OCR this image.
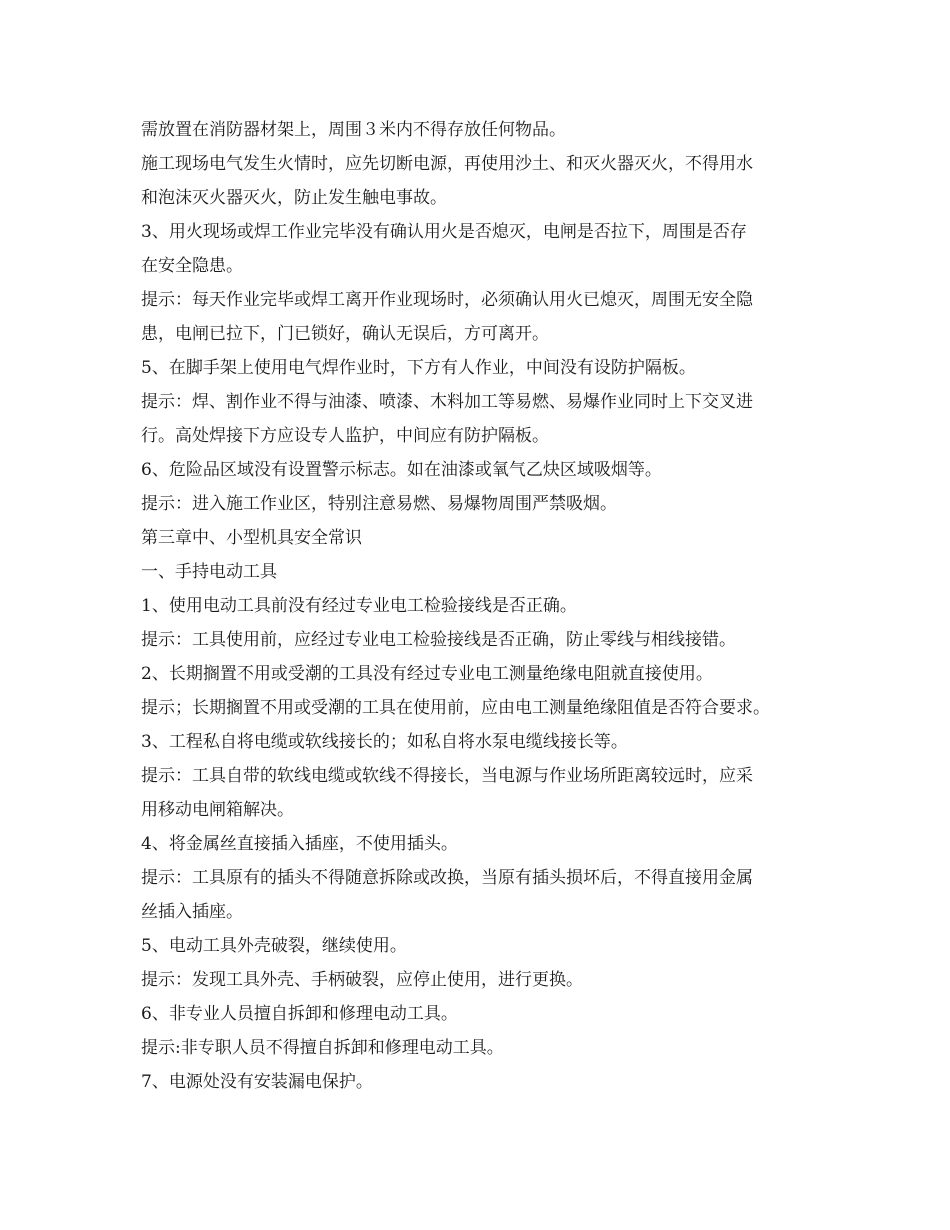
需放置在消防器材架上，周围３米内不得存放任何物品。
施工现场电气发生火情时，应先切断电源，再使用沙土、和灭火器灭火，不得用水
和泡沫灭火器灭火，防止发生触电事故。
3、用火现场或焊工作业完毕没有确认用火是否熄灭，电闸是否拉下，周围是否存
在安全隐患。
提示：每天作业完毕或焊工离开作业现场时，必须确认用火已熄灭，周围无安全隐
患，电闸已拉下，门已锁好，确认无误后，方可离开。
5、在脚手架上使用电气焊作业时，下方有人作业，中间没有设防护隔板。
提示：焊、割作业不得与油漆、喷漆、木料加工等易燃、易爆作业同时上下交叉进
行。高处焊接下方应设专人监护，中间应有防护隔板。
6、危险品区域没有设置警示标志。如在油漆或氧气乙炔区域吸烟等。
提示：进入施工作业区，特别注意易燃、易爆物周围严禁吸烟。
第三章中、小型机具安全常识
一、手持电动工具
1、使用电动工具前没有经过专业电工检验接线是否正确。
提示：工具使用前，应经过专业电工检验接线是否正确，防止零线与相线接错。
2、长期搁置不用或受潮的工具没有经过专业电工测量绝缘电阻就直接使用。
提示；长期搁置不用或受潮的工具在使用前，应由电工测量绝缘阻值是否符合要求。
3、工程私自将电缆或软线接长的；如私自将水泵电缆线接长等。
提示：工具自带的软线电缆或软线不得接长，当电源与作业场所距离较远时，应采
用移动电闸箱解决。
4、将金属丝直接插入插座，不使用插头。
提示：工具原有的插头不得随意拆除或改换，当原有插头损坏后，不得直接用金属
丝插入插座。
5、电动工具外壳破裂，继续使用。
提示：发现工具外壳、手柄破裂，应停止使用，进行更换。
6、非专业人员擅自拆卸和修理电动工具。
提示:非专职人员不得擅自拆卸和修理电动工具。
7、电源处没有安装漏电保护。
